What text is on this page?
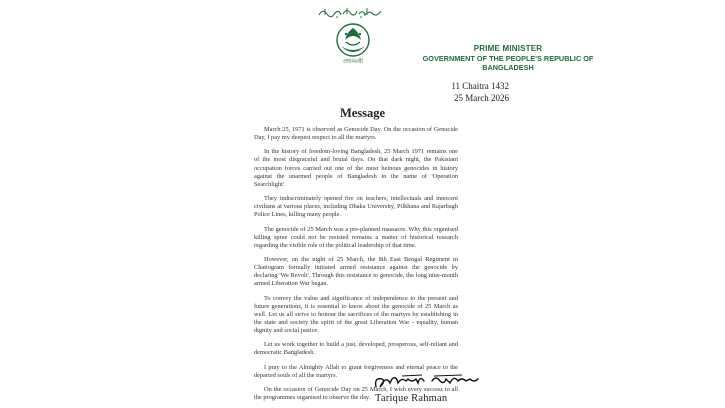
প্রধানমন্ত্রী
PRIME MINISTER
GOVERNMENT OF THE PEOPLE'S REPUBLIC OF
BANGLADESH
11 Chaitra 1432
25 March 2026
Message

March 25, 1971 is observed as Genocide Day. On the occasion of Genocide Day, I pay my deepest respect to all the martyrs.

In the history of freedom-loving Bangladesh, 25 March 1971 remains one of the most disgraceful and brutal days. On that dark night, the Pakistani occupation forces carried out one of the most heinous genocides in history against the unarmed people of Bangladesh in the name of 'Operation Searchlight'.

They indiscriminately opened fire on teachers, intellectuals and innocent civilians at various places, including Dhaka University, Pilkhana and Rajarbagh Police Lines, killing many people.

The genocide of 25 March was a pre-planned massacre. Why this organised killing spree could not be resisted remains a matter of historical research regarding the visible role of the political leadership of that time.

However, on the night of 25 March, the 8th East Bengal Regiment in Chattogram formally initiated armed resistance against the genocide by declaring 'We Revolt'. Through this resistance to genocide, the long nine-month armed Liberation War began.

To convey the value and significance of independence to the present and future generations, it is essential to know about the genocide of 25 March as well. Let us all strive to honour the sacrifices of the martyrs by establishing in the state and society the spirit of the great Liberation War - equality, human dignity and social justice.

Let us work together to build a just, developed, prosperous, self-reliant and democratic Bangladesh.

I pray to the Almighty Allah to grant forgiveness and eternal peace to the departed souls of all the martyrs.

On the occasion of Genocide Day on 25 March, I wish every success to all the programmes organised to observe the day. Tarique Rahman
